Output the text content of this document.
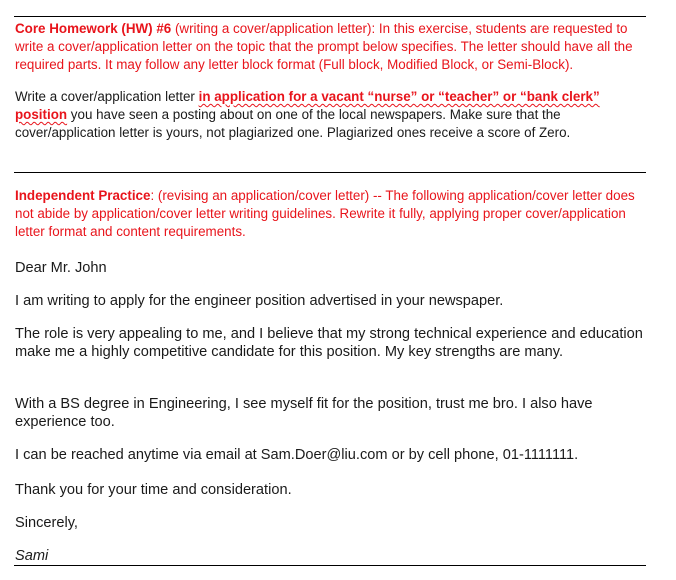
Core Homework (HW) #6 (writing a cover/application letter): In this exercise, students are requested to write a cover/application letter on the topic that the prompt below specifies. The letter should have all the required parts. It may follow any letter block format (Full block, Modified Block, or Semi-Block).

Write a cover/application letter in application for a vacant “nurse” or “teacher” or “bank clerk” position you have seen a posting about on one of the local newspapers. Make sure that the cover/application letter is yours, not plagiarized one. Plagiarized ones receive a score of Zero.

Independent Practice: (revising an application/cover letter) -- The following application/cover letter does not abide by application/cover letter writing guidelines. Rewrite it fully, applying proper cover/application letter format and content requirements.

Dear Mr. John

I am writing to apply for the engineer position advertised in your newspaper.

The role is very appealing to me, and I believe that my strong technical experience and education make me a highly competitive candidate for this position. My key strengths are many.

With a BS degree in Engineering, I see myself fit for the position, trust me bro. I also have experience too.

I can be reached anytime via email at Sam.Doer@liu.com or by cell phone, 01-1111111.

Thank you for your time and consideration.

Sincerely,

Sami
